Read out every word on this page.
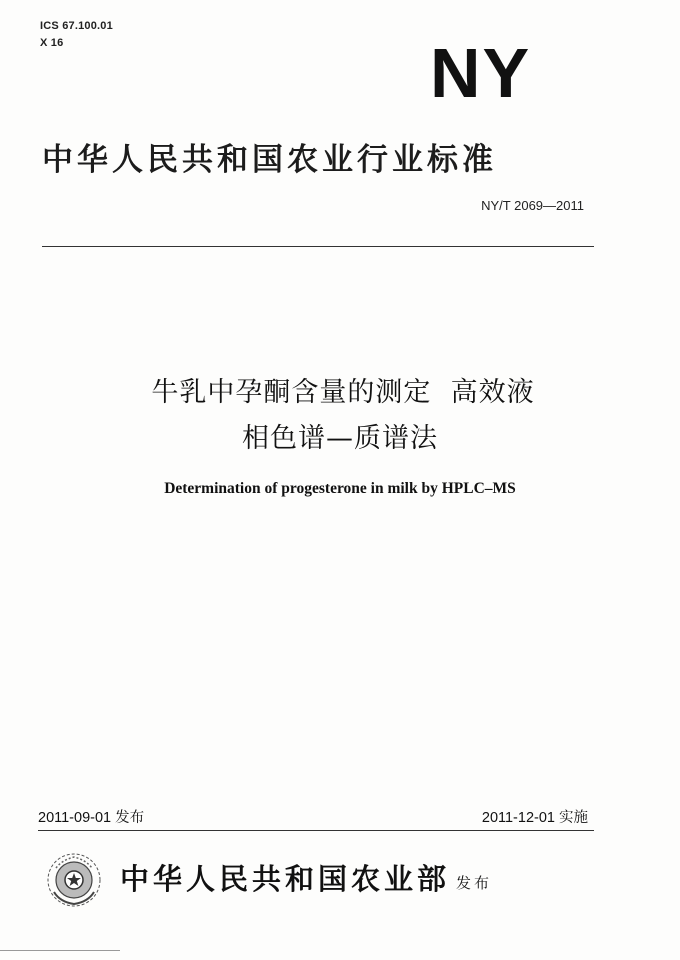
ICS 67.100.01
X 16	NY
中华人民共和国农业行业标准
NY/T 2069—2011
牛乳中孕酮含量的测定  高效液
相色谱—质谱法
Determination of progesterone in milk by HPLC–MS
2011-09-01 发布	2011-12-01 实施
中华人民共和国农业部 发布
